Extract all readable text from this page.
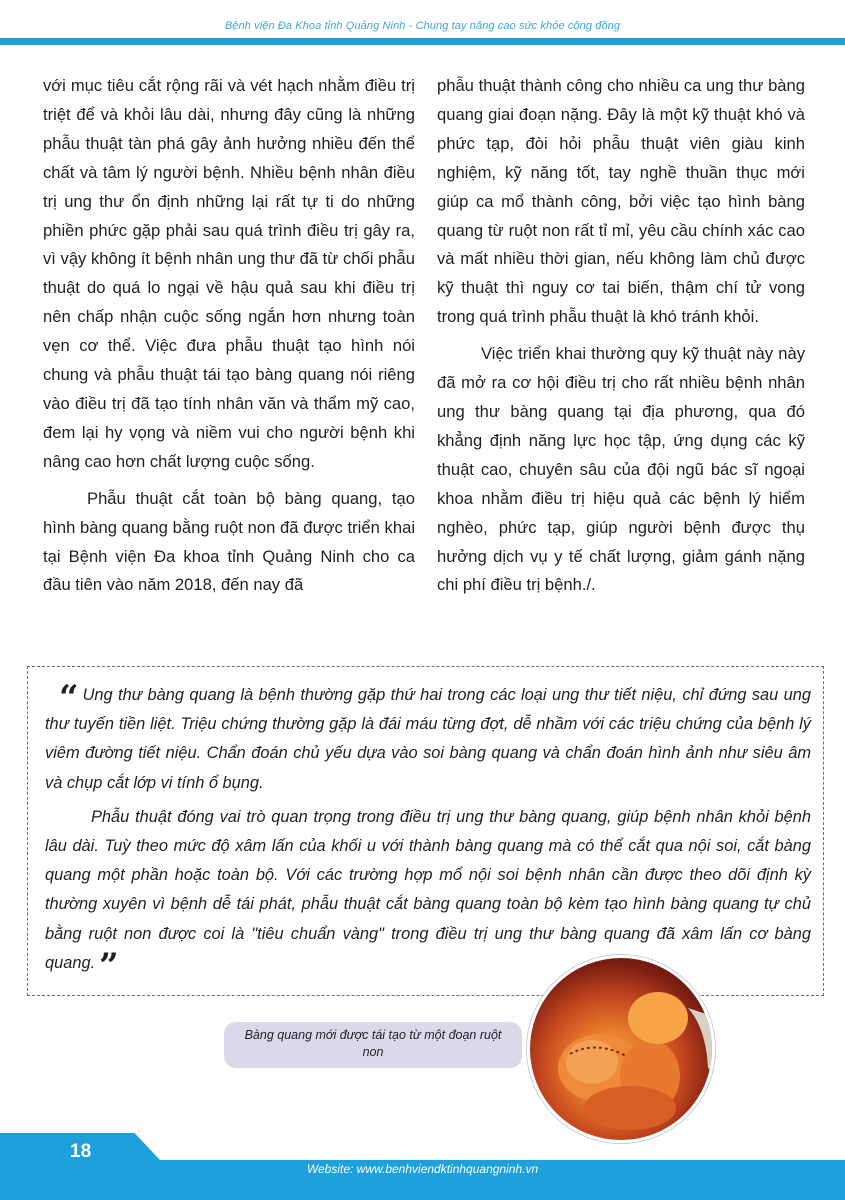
Bệnh viện Đa Khoa tỉnh Quảng Ninh - Chung tay nâng cao sức khỏe cộng đồng

với mục tiêu cắt rộng rãi và vét hạch nhằm điều trị triệt để và khỏi lâu dài, nhưng đây cũng là những phẫu thuật tàn phá gây ảnh hưởng nhiều đến thể chất và tâm lý người bệnh. Nhiều bệnh nhân điều trị ung thư ổn định những lại rất tự ti do những phiền phức gặp phải sau quá trình điều trị gây ra, vì vậy không ít bệnh nhân ung thư đã từ chối phẫu thuật do quá lo ngại về hậu quả sau khi điều trị nên chấp nhận cuộc sống ngắn hơn nhưng toàn vẹn cơ thể. Việc đưa phẫu thuật tạo hình nói chung và phẫu thuật tái tạo bàng quang nói riêng vào điều trị đã tạo tính nhân văn và thẩm mỹ cao, đem lại hy vọng và niềm vui cho người bệnh khi nâng cao hơn chất lượng cuộc sống.

Phẫu thuật cắt toàn bộ bàng quang, tạo hình bàng quang bằng ruột non đã được triển khai tại Bệnh viện Đa khoa tỉnh Quảng Ninh cho ca đầu tiên vào năm 2018, đến nay đã

phẫu thuật thành công cho nhiều ca ung thư bàng quang giai đoạn nặng. Đây là một kỹ thuật khó và phức tạp, đòi hỏi phẫu thuật viên giàu kinh nghiệm, kỹ năng tốt, tay nghề thuần thục mới giúp ca mổ thành công, bởi việc tạo hình bàng quang từ ruột non rất tỉ mỉ, yêu cầu chính xác cao và mất nhiều thời gian, nếu không làm chủ được kỹ thuật thì nguy cơ tai biến, thậm chí tử vong trong quá trình phẫu thuật là khó tránh khỏi.

Việc triển khai thường quy kỹ thuật này này đã mở ra cơ hội điều trị cho rất nhiều bệnh nhân ung thư bàng quang tại địa phương, qua đó khẳng định năng lực học tập, ứng dụng các kỹ thuật cao, chuyên sâu của đội ngũ bác sĩ ngoại khoa nhằm điều trị hiệu quả các bệnh lý hiểm nghèo, phức tạp, giúp người bệnh được thụ hưởng dịch vụ y tế chất lượng, giảm gánh nặng chi phí điều trị bệnh./.

“ Ung thư bàng quang là bệnh thường gặp thứ hai trong các loại ung thư tiết niệu, chỉ đứng sau ung thư tuyến tiền liệt. Triệu chứng thường gặp là đái máu từng đợt, dễ nhầm với các triệu chứng của bệnh lý viêm đường tiết niệu. Chẩn đoán chủ yếu dựa vào soi bàng quang và chẩn đoán hình ảnh như siêu âm và chụp cắt lớp vi tính ổ bụng.

Phẫu thuật đóng vai trò quan trọng trong điều trị ung thư bàng quang, giúp bệnh nhân khỏi bệnh lâu dài. Tuỳ theo mức độ xâm lấn của khối u với thành bàng quang mà có thể cắt qua nội soi, cắt bàng quang một phần hoặc toàn bộ. Với các trường hợp mổ nội soi bệnh nhân cần được theo dõi định kỳ thường xuyên vì bệnh dễ tái phát, phẫu thuật cắt bàng quang toàn bộ kèm tạo hình bàng quang tự chủ bằng ruột non được coi là "tiêu chuẩn vàng" trong điều trị ung thư bàng quang đã xâm lấn cơ bàng quang. ”

Bàng quang mới được tái tạo từ một đoạn ruột non
18
Website: www.benhviendktinhquangninh.vn
